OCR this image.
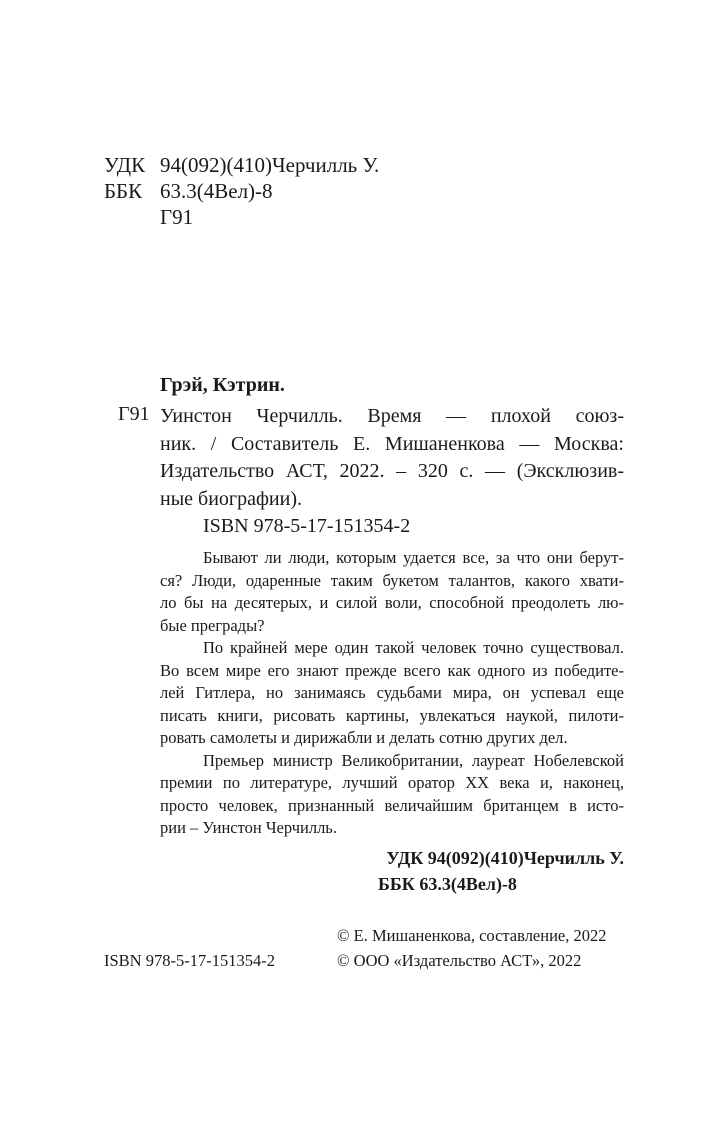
УДК 94(092)(410)Черчилль У.
ББК 63.3(4Вел)-8
Г91
Грэй, Кэтрин.
Г91 Уинстон Черчилль. Время — плохой союз-
ник. / Составитель Е. Мишаненкова — Москва:
Издательство АСТ, 2022. – 320 с. — (Эксклюзив-
ные биографии).
ISBN 978-5-17-151354-2
Бывают ли люди, которым удается все, за что они берут-
ся? Люди, одаренные таким букетом талантов, какого хвати-
ло бы на десятерых, и силой воли, способной преодолеть лю-
бые преграды?
По крайней мере один такой человек точно существовал.
Во всем мире его знают прежде всего как одного из победите-
лей Гитлера, но занимаясь судьбами мира, он успевал еще
писать книги, рисовать картины, увлекаться наукой, пилоти-
ровать самолеты и дирижабли и делать сотню других дел.
Премьер министр Великобритании, лауреат Нобелевской
премии по литературе, лучший оратор XX века и, наконец,
просто человек, признанный величайшим британцем в исто-
рии – Уинстон Черчилль.
УДК 94(092)(410)Черчилль У.
ББК 63.3(4Вел)-8
© Е. Мишаненкова, составление, 2022
ISBN 978-5-17-151354-2	© ООО «Издательство АСТ», 2022
